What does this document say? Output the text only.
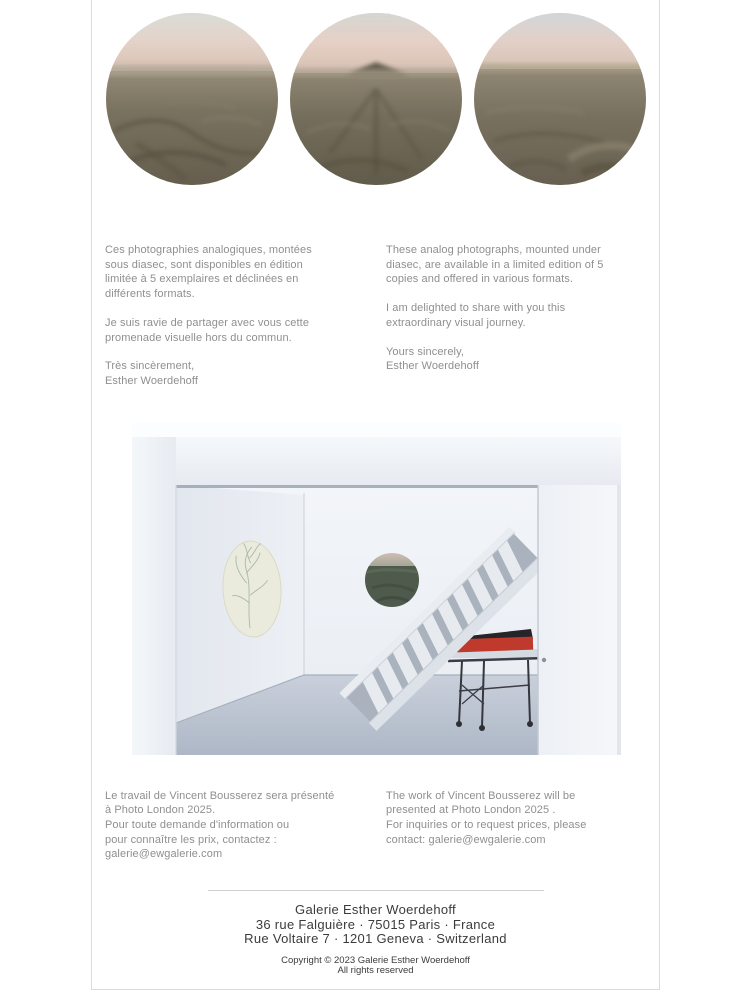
Ces photographies analogiques, montées
sous diasec, sont disponibles en édition
limitée à 5 exemplaires et déclinées en
différents formats.
Je suis ravie de partager avec vous cette
promenade visuelle hors du commun.
Très sincèrement,
Esther Woerdehoff
These analog photographs, mounted under
diasec, are available in a limited edition of 5
copies and offered in various formats.
I am delighted to share with you this
extraordinary visual journey.
Yours sincerely,
Esther Woerdehoff
Le travail de Vincent Bousserez sera présenté
à Photo London 2025.
Pour toute demande d'information ou
pour connaître les prix, contactez :
galerie@ewgalerie.com
The work of Vincent Bousserez will be
presented at Photo London 2025 .
For inquiries or to request prices, please
contact: galerie@ewgalerie.com
Galerie Esther Woerdehoff
36 rue Falguière · 75015 Paris · France
Rue Voltaire 7 · 1201 Geneva · Switzerland
Copyright © 2023 Galerie Esther Woerdehoff
All rights reserved
